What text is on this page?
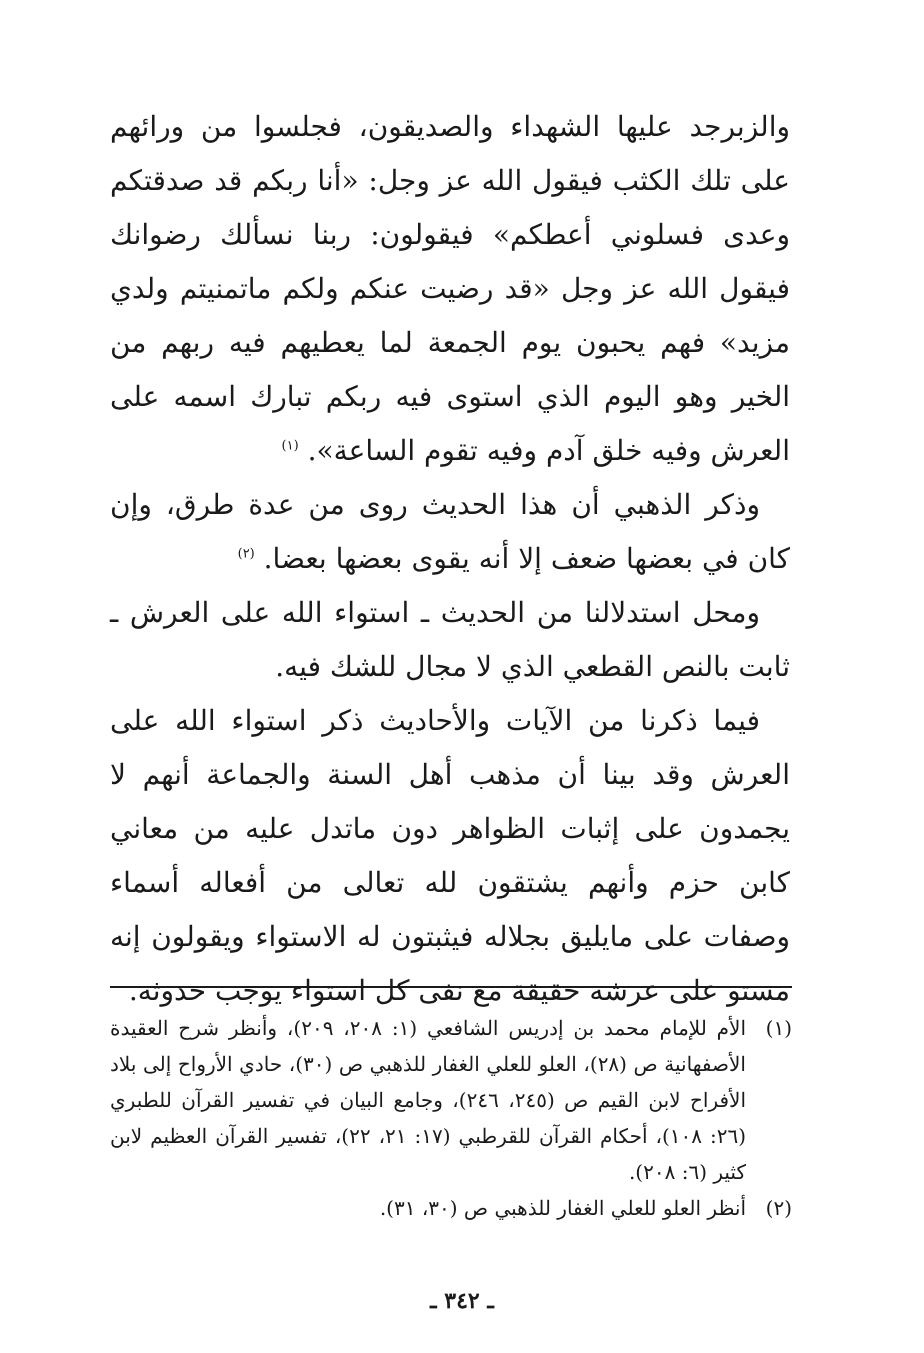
والزبرجد عليها الشهداء والصديقون، فجلسوا من ورائهم على تلك الكثب فيقول الله عز وجل: «أنا ربكم قد صدقتكم وعدى فسلوني أعطكم» فيقولون: ربنا نسألك رضوانك فيقول الله عز وجل «قد رضيت عنكم ولكم ماتمنيتم ولدي مزيد» فهم يحبون يوم الجمعة لما يعطيهم فيه ربهم من الخير وهو اليوم الذي استوى فيه ربكم تبارك اسمه على العرش وفيه خلق آدم وفيه تقوم الساعة». $^{(١)}$

وذكر الذهبي أن هذا الحديث روى من عدة طرق، وإن كان في بعضها ضعف إلا أنه يقوى بعضها بعضا. $^{(٢)}$

ومحل استدلالنا من الحديث ـ استواء الله على العرش ـ ثابت بالنص القطعي الذي لا مجال للشك فيه.

فيما ذكرنا من الآيات والأحاديث ذكر استواء الله على العرش وقد بينا أن مذهب أهل السنة والجماعة أنهم لا يجمدون على إثبات الظواهر دون ماتدل عليه من معاني كابن حزم وأنهم يشتقون لله تعالى من أفعاله أسماء وصفات على مايليق بجلاله فيثبتون له الاستواء ويقولون إنه مستو على عرشه حقيقة مع نفى كل استواء يوجب حدوثه.

(١)
الأم للإمام محمد بن إدريس الشافعي (١: ٢٠٨، ٢٠٩)، وأنظر شرح العقيدة الأصفهانية ص (٢٨)، العلو للعلي الغفار للذهبي ص (٣٠)، حادي الأرواح إلى بلاد الأفراح لابن القيم ص (٢٤٥، ٢٤٦)، وجامع البيان في تفسير القرآن للطبري (٢٦: ١٠٨)، أحكام القرآن للقرطبي (١٧: ٢١، ٢٢)، تفسير القرآن العظيم لابن كثير (٦: ٢٠٨).
(٢)
أنظر العلو للعلي الغفار للذهبي ص (٣٠، ٣١).
ـ ٣٤٢ ـ
